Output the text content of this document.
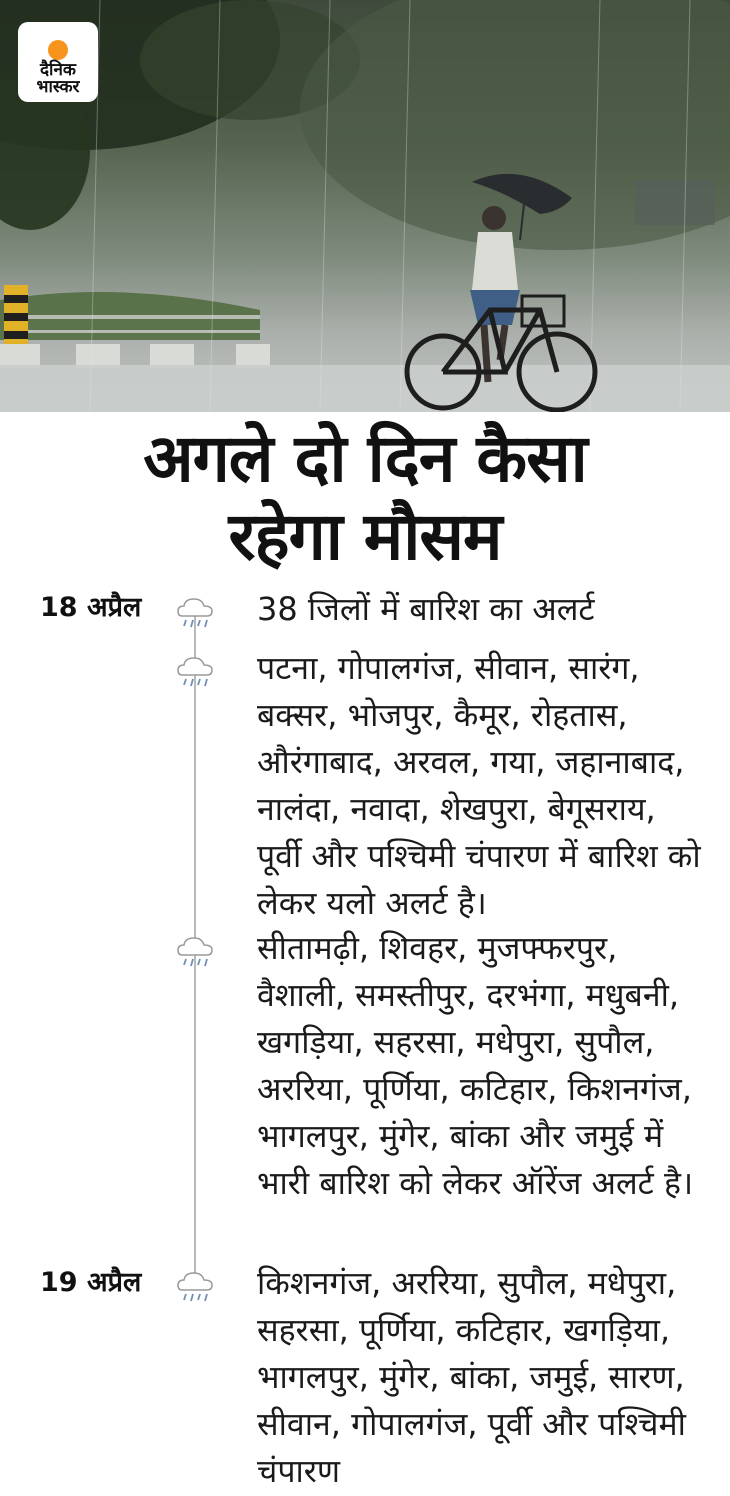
दैनिक
भास्कर
अगले दो दिन कैसा
रहेगा मौसम
18 अप्रैल
19 अप्रैल
38 जिलों में बारिश का अलर्ट
पटना, गोपालगंज, सीवान, सारंग, बक्सर, भोजपुर, कैमूर, रोहतास, औरंगाबाद, अरवल, गया, जहानाबाद, नालंदा, नवादा, शेखपुरा, बेगूसराय, पूर्वी और पश्चिमी चंपारण में बारिश को लेकर यलो अलर्ट है।
सीतामढ़ी, शिवहर, मुजफ्फरपुर, वैशाली, समस्तीपुर, दरभंगा, मधुबनी, खगड़िया, सहरसा, मधेपुरा, सुपौल, अररिया, पूर्णिया, कटिहार, किशनगंज, भागलपुर, मुंगेर, बांका और जमुई में भारी बारिश को लेकर ऑरेंज अलर्ट है।
किशनगंज, अररिया, सुपौल, मधेपुरा, सहरसा, पूर्णिया, कटिहार, खगड़िया, भागलपुर, मुंगेर, बांका, जमुई, सारण, सीवान, गोपालगंज, पूर्वी और पश्चिमी चंपारण
